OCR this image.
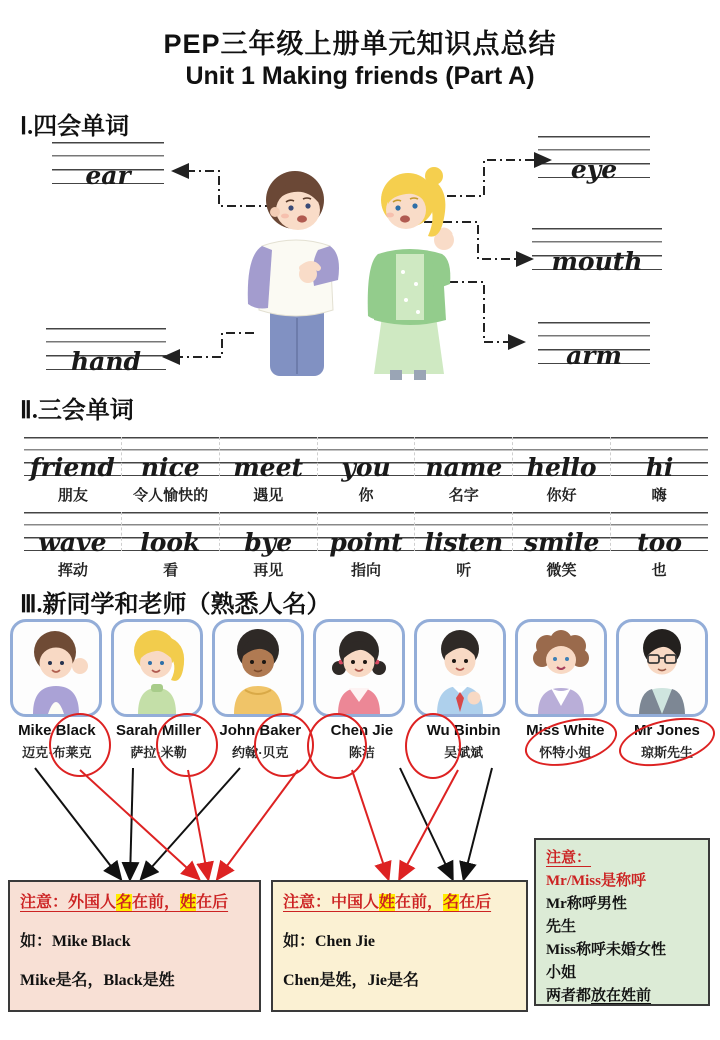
PEP三年级上册单元知识点总结
Unit 1 Making friends (Part A)
Ⅰ.四会单词
ear	eye
mouth
hand	arm
Ⅱ.三会单词
friend nice meet you name hello hi
朋友	令人愉快的	遇见	你	名字	你好	嗨
wave look bye point listen smile too
挥动	看	再见	指向	听	微笑	也
Ⅲ.新同学和老师（熟悉人名）
Mike Black
迈克·布莱克
Sarah Miller
萨拉·米勒
John Baker
约翰·贝克
Chen Jie
陈洁
Wu Binbin
吴斌斌
Miss White
怀特小姐
Mr Jones
琼斯先生
注意：外国人名在前，姓在后
如：Mike Black
Mike是名，Black是姓
注意：中国人姓在前，名在后
如：Chen Jie
Chen是姓，Jie是名
注意：
Mr/Miss是称呼
Mr称呼男性
先生
Miss称呼未婚女性
小姐
两者都放在姓前
